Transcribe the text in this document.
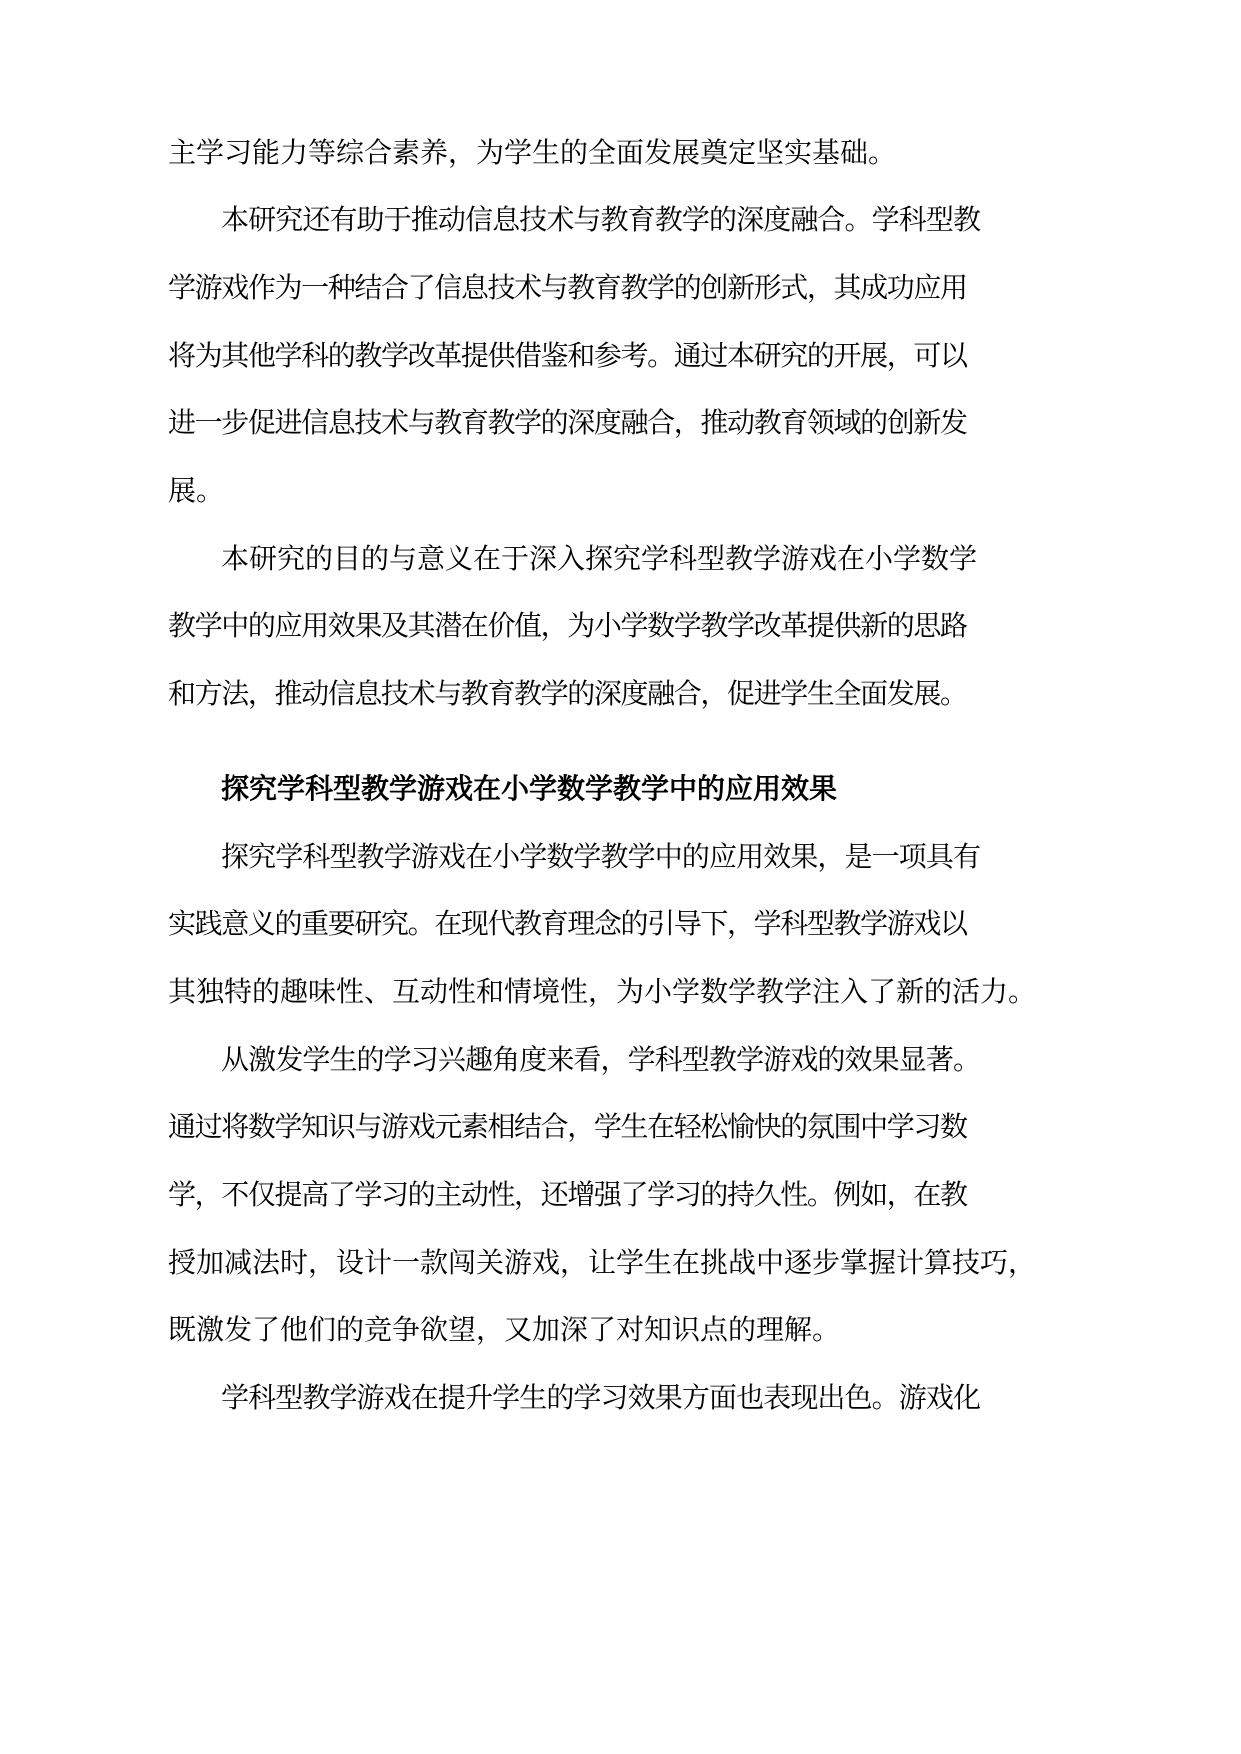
主学习能力等综合素养，为学生的全面发展奠定坚实基础。
本研究还有助于推动信息技术与教育教学的深度融合。学科型教
学游戏作为一种结合了信息技术与教育教学的创新形式，其成功应用
将为其他学科的教学改革提供借鉴和参考。通过本研究的开展，可以
进一步促进信息技术与教育教学的深度融合，推动教育领域的创新发
展。
本研究的目的与意义在于深入探究学科型教学游戏在小学数学
教学中的应用效果及其潜在价值，为小学数学教学改革提供新的思路
和方法，推动信息技术与教育教学的深度融合，促进学生全面发展。
探究学科型教学游戏在小学数学教学中的应用效果
探究学科型教学游戏在小学数学教学中的应用效果，是一项具有
实践意义的重要研究。在现代教育理念的引导下，学科型教学游戏以
其独特的趣味性、互动性和情境性，为小学数学教学注入了新的活力。
从激发学生的学习兴趣角度来看，学科型教学游戏的效果显著。
通过将数学知识与游戏元素相结合，学生在轻松愉快的氛围中学习数
学，不仅提高了学习的主动性，还增强了学习的持久性。例如，在教
授加减法时，设计一款闯关游戏，让学生在挑战中逐步掌握计算技巧，
既激发了他们的竞争欲望，又加深了对知识点的理解。
学科型教学游戏在提升学生的学习效果方面也表现出色。游戏化
